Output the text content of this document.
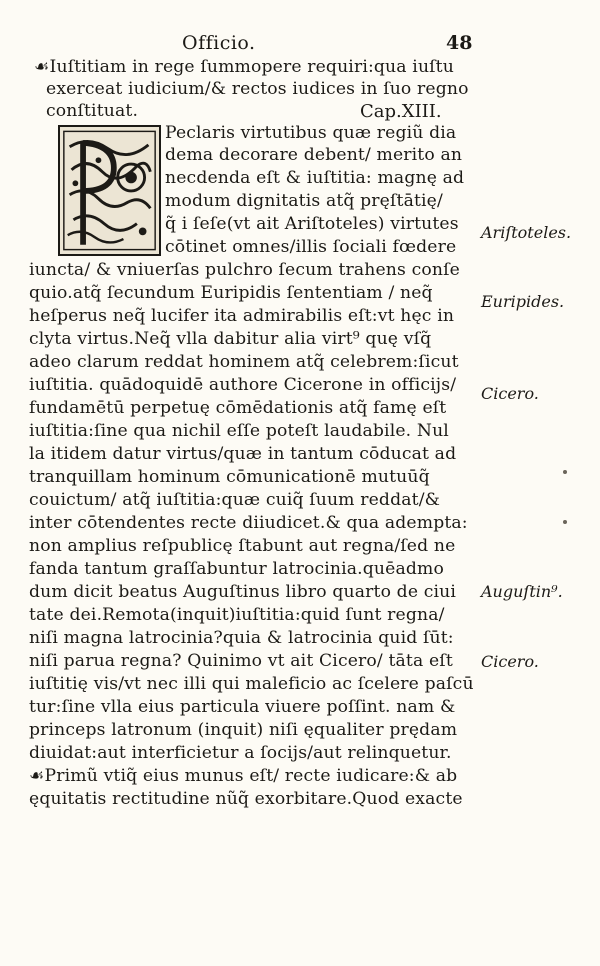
Officio.	48
☙Iuſtitiam in rege ſummopere requiri:qua iuſtu
exerceat iudicium/& rectos iudices in ſuo regno
conſtituat.	Cap.XIII.
Peclaris virtutibus quæ regiũ dia
dema decorare debent/ merito an
necdenda eſt & iuſtitia: magnę ad
modum dignitatis atq̃ pręſtātię/
q̃ i ſeſe(vt ait Ariſtoteles) virtutes
cōtinet omnes/illis ſociali fœdere
iuncta/ & vniuerſas pulchro ſecum trahens conſe
quio.atq̃ ſecundum Euripidis ſententiam / neq̃
heſperus neq̃ lucifer ita admirabilis eſt:vt hęc in
clyta virtus.Neq̃ vlla dabitur alia virt⁹ quę vſq̃
adeo clarum reddat hominem atq̃ celebrem:ſicut
iuſtitia. quādoquidē authore Cicerone in officijs/
fundamētū perpetuę cōmēdationis atq̃ famę eſt
iuſtitia:ſine qua nichil eſſe poteſt laudabile. Nul
la itidem datur virtus/quæ in tantum cōducat ad
tranquillam hominum cōmunicationē mutuūq̃
couictum/ atq̃ iuſtitia:quæ cuiq̃ ſuum reddat/&
inter cōtendentes recte diiudicet.& qua adempta:
non amplius reſpublicę ſtabunt aut regna/ſed ne
fanda tantum graſſabuntur latrocinia.quēadmo
dum dicit beatus Auguſtinus libro quarto de ciui
tate dei.Remota(inquit)iuſtitia:quid ſunt regna/
niſi magna latrocinia?quia & latrocinia quid ſūt:
niſi parua regna? Quinimo vt ait Cicero/ tāta eſt
iuſtitię vis/vt nec illi qui maleficio ac ſcelere paſcū
tur:ſine vlla eius particula viuere poſſint. nam &
princeps latronum (inquit) niſi ęqualiter prędam
diuidat:aut interficietur a ſocijs/aut relinquetur.
☙Primũ vtiq̃ eius munus eſt/ recte iudicare:& ab
ęquitatis rectitudine nũq̃ exorbitare.Quod exacte
Ariſtoteles.
Euripides.
Cicero.
Auguſtin⁹.
Cicero.
